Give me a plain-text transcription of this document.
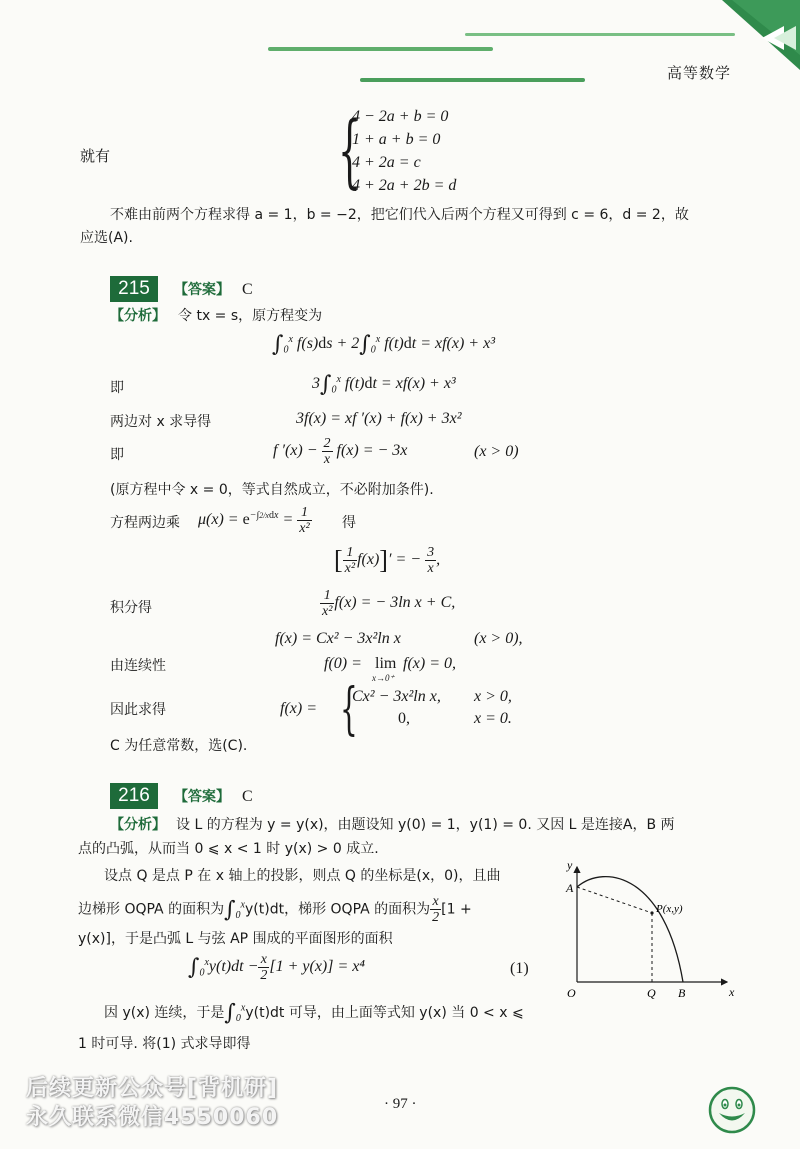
高等数学
就有	{
4 − 2a + b = 0
1 + a + b = 0
4 + 2a = c
4 + 2a + 2b = d
不难由前两个方程求得 a = 1，b = −2，把它们代入后两个方程又可得到 c = 6，d = 2，故
应选(A).
215	【答案】 C
【分析】 令 tx = s，原方程变为
$\int_0^x$ $f(s)ds + 2\int_0^x$ f(t)dt = xf(x) + x³
即	$3\int_0^x$ f(t)dt = xf(x) + x³
两边对 x 求导得	3f(x) = xf ′(x) + f(x) + 3x²
即	f $'(x) - \frac{2}{x} f(x)$ = − 3x	(x > 0)
(原方程中令 x = 0，等式自然成立，不必附加条件).
方程两边乘 $\mu(x) = e^{-\int 2/xdx} = \frac{1}{\text{x²}}$ 得
[ $\frac{1}{\text{x²}} f(x)]'$ = − $\frac{3}{x}$ ,
积分得	$\frac{1}{\text{x²}} f(x)$ = − 3ln x + C,
f(x) = Cx² − 3x²ln x	(x > 0),
由连续性	f(0) = lim
x→0⁺
f(x) = 0,
因此求得	f(x) = {
Cx² − 3x²ln x, x > 0,
0,	x = 0.
C 为任意常数，选(C).
216	【答案】 C
【分析】 设 L 的方程为 y = y(x)，由题设知 y(0) = 1，y(1) = 0. 又因 L 是连接A，B 两
点的凸弧，从而当 0 ⩽ x < 1 时 y(x) > 0 成立.
设点 Q 是点 P 在 x 轴上的投影，则点 Q 的坐标是(x，0)，且曲
边梯形 OQPA 的面积为$\int_0^xy(t)dt$，梯形 OQPA 的面积为 $\frac{x}{2} [1$ +
y(x)]，于是凸弧 L 与弦 AP 围成的平面图形的面积
$\int_0^xy(t)dt - \frac{x}{2} [1 + y(x)] = x^4$	(1)
因 y(x) 连续，于是$\int_0^xy(t)dt$ 可导，由上面等式知 y(x) 当 0 < x ⩽
1 时可导. 将(1) 式求导即得
y
x
A
O	Q B
P(x,y)
· 97 ·
后续更新公众号[背机研]
永久联系微信4550060
